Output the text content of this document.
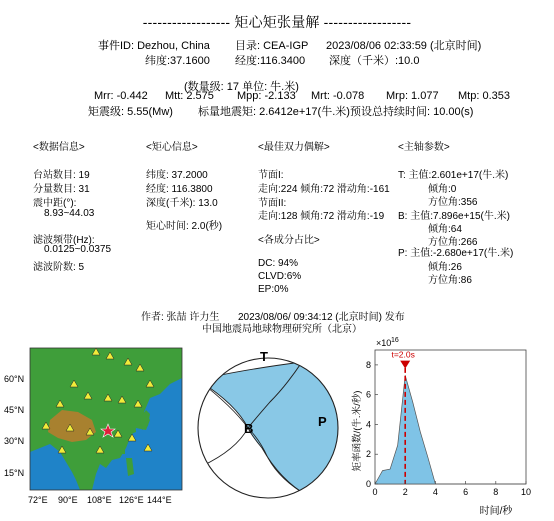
------------------ 矩心矩张量解 ------------------
事件ID: Dezhou, China 目录: CEA-IGP 2023/08/06 02:33:59 (北京时间)
纬度:37.1600 经度:116.3400 深度（千米）:10.0
(数量级: 17 单位: 牛.米)
Mrr: -0.442 Mtt: 2.575 Mpp: -2.133 Mrt: -0.078 Mrp: 1.077 Mtp: 0.353
矩震级: 5.55(Mw) 标量地震矩: 2.6412e+17(牛.米) 预设总持续时间: 10.00(s)
<数据信息>
台站数目: 19
分量数目: 31
震中距(°):
8.93~44.03
滤波频带(Hz):
0.0125~0.0375
滤波阶数: 5
<矩心信息>
纬度: 37.2000
经度: 116.3800
深度(千米): 13.0
矩心时间: 2.0(秒)
<最佳双力偶解>
节面I:
走向:224 倾角:72 滑动角:-161
节面II:
走向:128 倾角:72 滑动角:-19
<各成分占比>
DC: 94%
CLVD:6%
EP:0%
<主轴参数>
T: 主值:2.601e+17(牛.米)
倾角:0
方位角:356
B: 主值:7.896e+15(牛.米)
倾角:64
方位角:266
P: 主值:-2.680e+17(牛.米)
倾角:26
方位角:86
作者: 张喆 许力生 2023/08/06/ 09:34:12 (北京时间) 发布
中国地震局地球物理研究所（北京）
60°N
45°N
30°N
15°N
72°E 90°E 108°E 126°E 144°E
T
B	P
×10 16
t=2.0s
0	2	4	6	8	10
0
2
4
6
8
时间/秒
矩率函数/(牛.米/秒)
